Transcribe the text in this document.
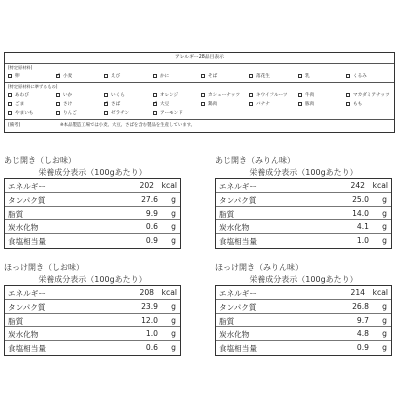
アレルギー28品目表示
[特定原材料]
卵 ✓	小麦	えび	かに	そば	落花生	乳	くるみ
[特定原材料に準ずるもの]
あわび	いか	いくら	オレンジ	カシューナッツ	キウイフルーツ	牛肉	マカダミアナッツ
ごま	さけ ✓	さば ✓	大豆	鶏肉	バナナ	豚肉	もも
やまいも	りんご	ゼラチン	アーモンド
[備考]	※本品製造工場では小麦、大豆、さばを含む製品を生産しています。
あじ開き（しお味）
栄養成分表示（100gあたり）
エネルギー	202 kcal
タンパク質	27.6 g
脂質	9.9 g
炭水化物	0.6 g
食塩相当量	0.9 g
あじ開き（みりん味）
栄養成分表示（100gあたり）
エネルギー	242 kcal
タンパク質	25.0 g
脂質	14.0 g
炭水化物	4.1 g
食塩相当量	1.0 g
ほっけ開き（しお味）
栄養成分表示（100gあたり）
エネルギー	208 kcal
タンパク質	23.9 g
脂質	12.0 g
炭水化物	1.0 g
食塩相当量	0.6 g
ほっけ開き（みりん味）
栄養成分表示（100gあたり）
エネルギー	214 kcal
タンパク質	26.8 g
脂質	9.7 g
炭水化物	4.8 g
食塩相当量	0.9 g
